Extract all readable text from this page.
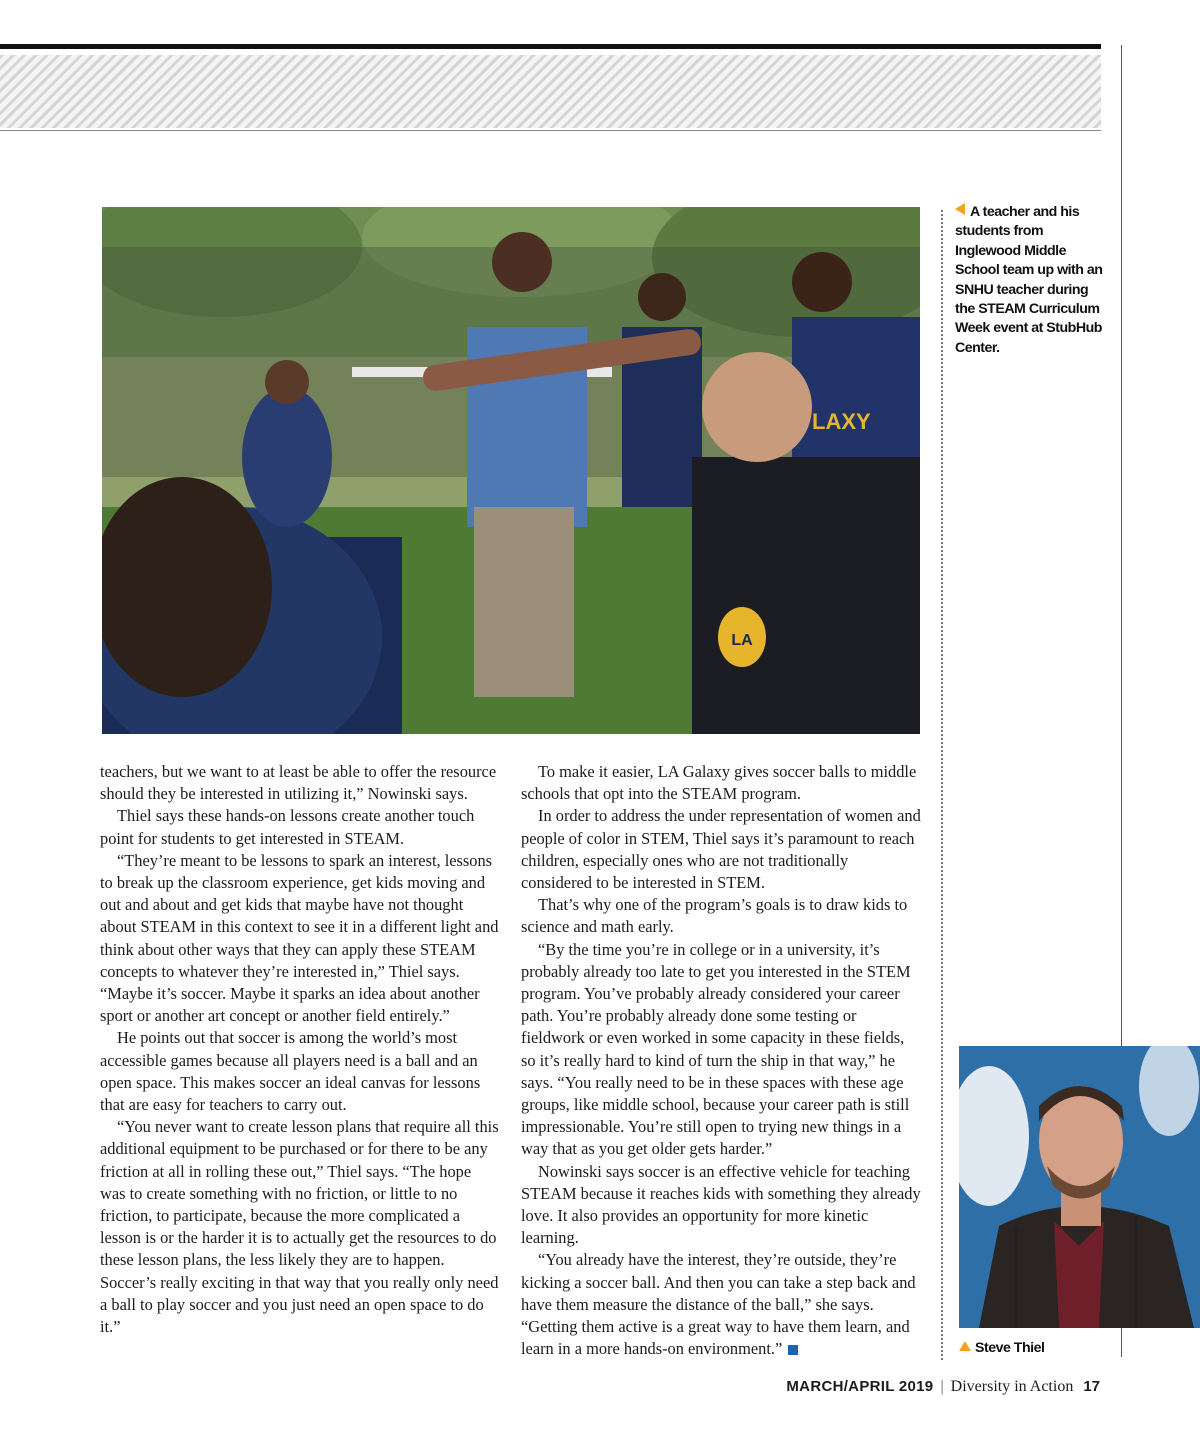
LA
LAXY
A teacher and his students from Inglewood Middle School team up with an SNHU teacher during the STEAM Curriculum Week event at StubHub Center.

teachers, but we want to at least be able to offer the resource should they be interested in utilizing it,” Nowinski says.

Thiel says these hands-on lessons create another touch point for students to get interested in STEAM.

“They’re meant to be lessons to spark an interest, lessons to break up the classroom experience, get kids moving and out and about and get kids that maybe have not thought about STEAM in this context to see it in a different light and think about other ways that they can apply these STEAM concepts to whatever they’re interested in,” Thiel says. “Maybe it’s soccer. Maybe it sparks an idea about another sport or another art concept or another field entirely.”

He points out that soccer is among the world’s most accessible games because all players need is a ball and an open space. This makes soccer an ideal canvas for lessons that are easy for teachers to carry out.

“You never want to create lesson plans that require all this additional equipment to be purchased or for there to be any friction at all in rolling these out,” Thiel says. “The hope was to create something with no friction, or little to no friction, to participate, because the more complicated a lesson is or the harder it is to actually get the resources to do these lesson plans, the less likely they are to happen. Soccer’s really exciting in that way that you really only need a ball to play soccer and you just need an open space to do it.”

To make it easier, LA Galaxy gives soccer balls to middle schools that opt into the STEAM program.

In order to address the under representation of women and people of color in STEM, Thiel says it’s paramount to reach children, especially ones who are not traditionally considered to be interested in STEM.

That’s why one of the program’s goals is to draw kids to science and math early.

“By the time you’re in college or in a university, it’s probably already too late to get you interested in the STEM program. You’ve probably already considered your career path. You’re probably already done some testing or fieldwork or even worked in some capacity in these fields, so it’s really hard to kind of turn the ship in that way,” he says. “You really need to be in these spaces with these age groups, like middle school, because your career path is still impressionable. You’re still open to trying new things in a way that as you get older gets harder.”

Nowinski says soccer is an effective vehicle for teaching STEAM because it reaches kids with something they already love. It also provides an opportunity for more kinetic learning.

“You already have the interest, they’re outside, they’re kicking a soccer ball. And then you can take a step back and have them measure the distance of the ball,” she says. “Getting them active is a great way to have them learn, and learn in a more hands-on environment.”	Steve Thiel
MARCH/APRIL 2019 | Diversity in Action 17
